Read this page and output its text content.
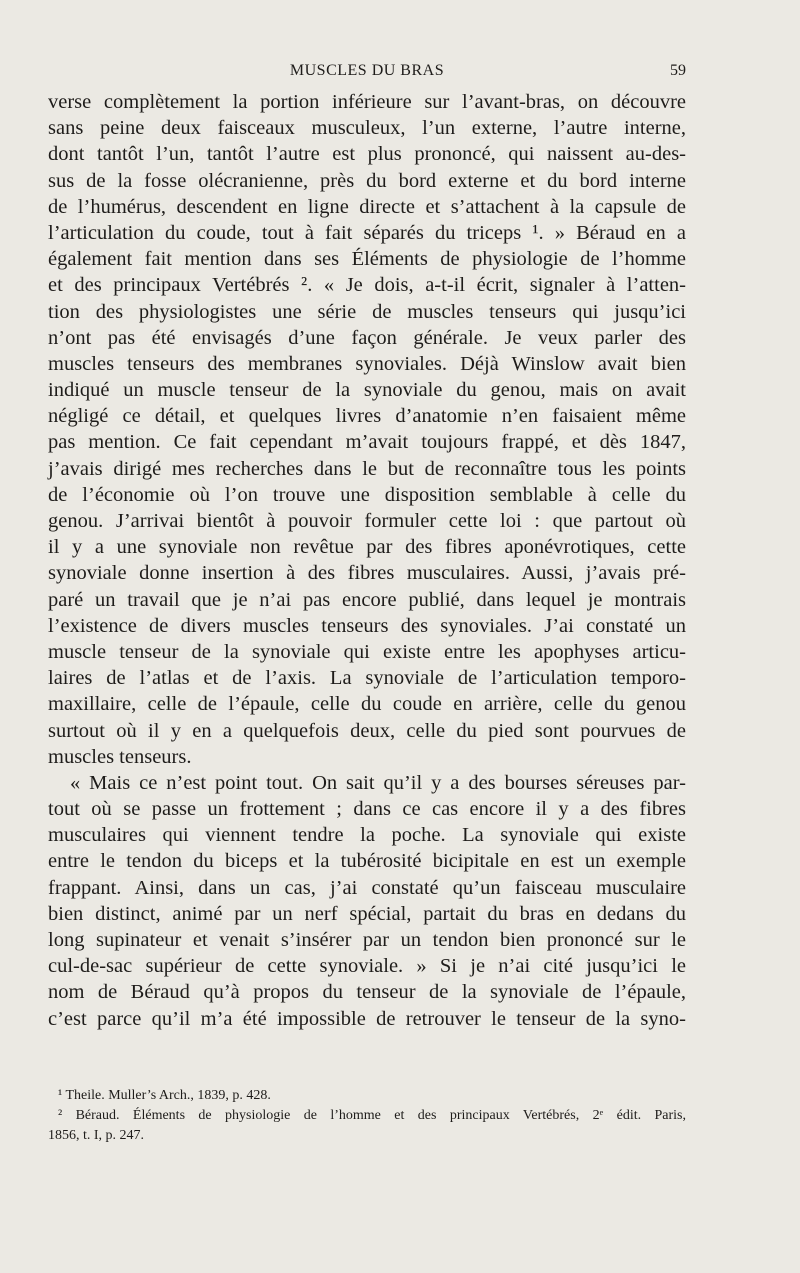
MUSCLES DU BRAS	59
verse complètement la portion inférieure sur l’avant-bras, on découvre
sans peine deux faisceaux musculeux, l’un externe, l’autre interne,
dont tantôt l’un, tantôt l’autre est plus prononcé, qui naissent au-des-
sus de la fosse olécranienne, près du bord externe et du bord interne
de l’humérus, descendent en ligne directe et s’attachent à la capsule de
l’articulation du coude, tout à fait séparés du triceps ¹. » Béraud en a
également fait mention dans ses Éléments de physiologie de l’homme
et des principaux Vertébrés ². « Je dois, a-t-il écrit, signaler à l’atten-
tion des physiologistes une série de muscles tenseurs qui jusqu’ici
n’ont pas été envisagés d’une façon générale. Je veux parler des
muscles tenseurs des membranes synoviales. Déjà Winslow avait bien
indiqué un muscle tenseur de la synoviale du genou, mais on avait
négligé ce détail, et quelques livres d’anatomie n’en faisaient même
pas mention. Ce fait cependant m’avait toujours frappé, et dès 1847,
j’avais dirigé mes recherches dans le but de reconnaître tous les points
de l’économie où l’on trouve une disposition semblable à celle du
genou. J’arrivai bientôt à pouvoir formuler cette loi : que partout où
il y a une synoviale non revêtue par des fibres aponévrotiques, cette
synoviale donne insertion à des fibres musculaires. Aussi, j’avais pré-
paré un travail que je n’ai pas encore publié, dans lequel je montrais
l’existence de divers muscles tenseurs des synoviales. J’ai constaté un
muscle tenseur de la synoviale qui existe entre les apophyses articu-
laires de l’atlas et de l’axis. La synoviale de l’articulation temporo-
maxillaire, celle de l’épaule, celle du coude en arrière, celle du genou
surtout où il y en a quelquefois deux, celle du pied sont pourvues de
muscles tenseurs.
« Mais ce n’est point tout. On sait qu’il y a des bourses séreuses par-
tout où se passe un frottement ; dans ce cas encore il y a des fibres
musculaires qui viennent tendre la poche. La synoviale qui existe
entre le tendon du biceps et la tubérosité bicipitale en est un exemple
frappant. Ainsi, dans un cas, j’ai constaté qu’un faisceau musculaire
bien distinct, animé par un nerf spécial, partait du bras en dedans du
long supinateur et venait s’insérer par un tendon bien prononcé sur le
cul-de-sac supérieur de cette synoviale. » Si je n’ai cité jusqu’ici le
nom de Béraud qu’à propos du tenseur de la synoviale de l’épaule,
c’est parce qu’il m’a été impossible de retrouver le tenseur de la syno-
¹ Theile. Muller’s Arch., 1839, p. 428.
² Béraud. Éléments de physiologie de l’homme et des principaux Vertébrés, 2ᵉ édit. Paris,
1856, t. I, p. 247.
